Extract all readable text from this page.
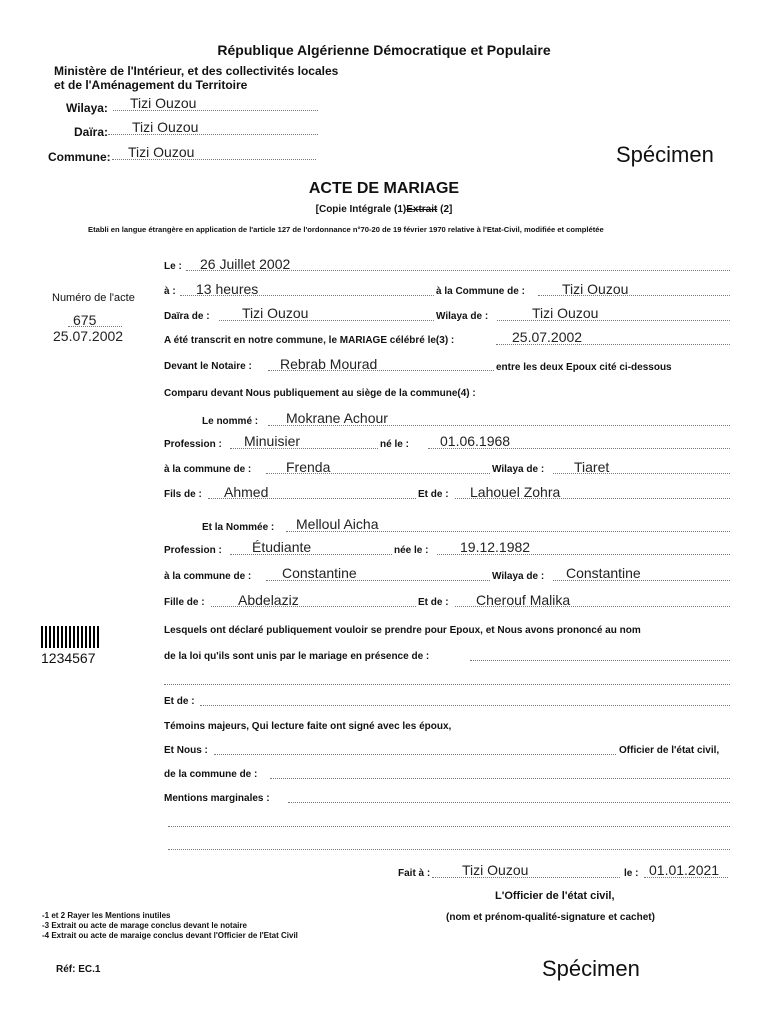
République Algérienne Démocratique et Populaire
Ministère de l'Intérieur, et des collectivités locales
et de l'Aménagement du Territoire
Wilaya: Tizi Ouzou
Daïra: Tizi Ouzou
Commune: Tizi Ouzou	Spécimen
ACTE DE MARIAGE
[Copie Intégrale (1)Extrait (2]
Etabli en langue étrangère en application de l'article 127 de l'ordonnance n°70-20 de 19 février 1970 relative à l'Etat-Civil, modifiée et complétée
Numéro de l'acte
675
25.07.2002
1234567
Le : 26 Juillet 2002
à : 13 heures	à la Commune de :	Tizi Ouzou
Daïra de : Tizi Ouzou	Wilaya de :	Tizi Ouzou
A été transcrit en notre commune, le MARIAGE célébré le(3) :	25.07.2002
Devant le Notaire : Rebrab Mourad	entre les deux Epoux cité ci-dessous
Comparu devant Nous publiquement au siège de la commune(4) :
Le nommé : Mokrane Achour
Profession : Minuisier	né le : 01.06.1968
à la commune de : Frenda	Wilaya de : Tiaret
Fils de : Ahmed	Et de : Lahouel Zohra
Et la Nommée : Melloul Aicha
Profession : Étudiante	née le : 19.12.1982
à la commune de : Constantine	Wilaya de : Constantine
Fille de : Abdelaziz	Et de : Cherouf Malika
Lesquels ont déclaré publiquement vouloir se prendre pour Epoux, et Nous avons prononcé au nom
de la loi qu'ils sont unis par le mariage en présence de :
Et de :
Témoins majeurs, Qui lecture faite ont signé avec les époux,
Et Nous :	Officier de l'état civil,
de la commune de :
Mentions marginales :
Fait à : Tizi Ouzou	le : 01.01.2021
L'Officier de l'état civil,
(nom et prénom-qualité-signature et cachet)
-1 et 2 Rayer les Mentions inutiles
-3 Extrait ou acte de marage conclus devant le notaire
-4 Extrait ou acte de maraige conclus devant l'Officier de l'Etat Civil
Réf: EC.1	Spécimen
